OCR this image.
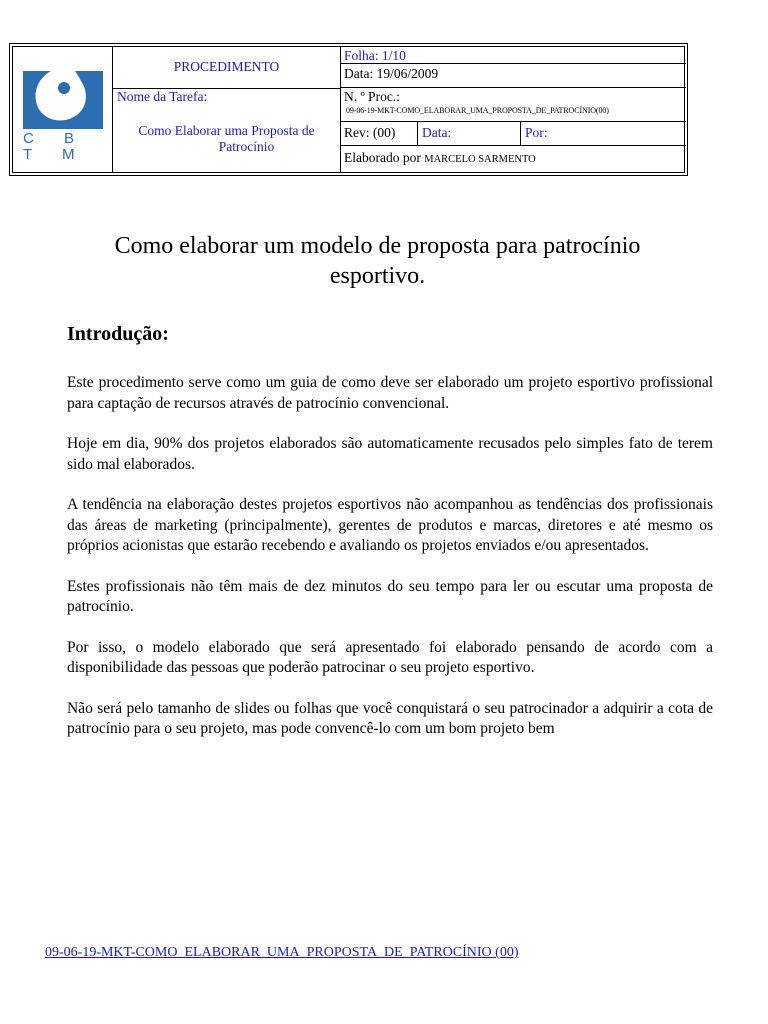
C B T M
PROCEDIMENTO
Nome da Tarefa:
Como Elaborar uma Proposta de
Patrocínio
Folha: 1/10
Data: 19/06/2009
N. º Proc.:
09-06-19-MKT-COMO_ELABORAR_UMA_PROPOSTA_DE_PATROCÍNIO(00)
Rev: (00) Data:	Por:
Elaborado por MARCELO SARMENTO
Como elaborar um modelo de proposta para patrocínio
esportivo.
Introdução:

Este procedimento serve como um guia de como deve ser elaborado um projeto esportivo profissional para captação de recursos através de patrocínio convencional.

Hoje em dia, 90% dos projetos elaborados são automaticamente recusados pelo simples fato de terem sido mal elaborados.

A tendência na elaboração destes projetos esportivos não acompanhou as tendências dos profissionais das áreas de marketing (principalmente), gerentes de produtos e marcas, diretores e até mesmo os próprios acionistas que estarão recebendo e avaliando os projetos enviados e/ou apresentados.

Estes profissionais não têm mais de dez minutos do seu tempo para ler ou escutar uma proposta de patrocínio.

Por isso, o modelo elaborado que será apresentado foi elaborado pensando de acordo com a disponibilidade das pessoas que poderão patrocinar o seu projeto esportivo.

Não será pelo tamanho de slides ou folhas que você conquistará o seu patrocinador a adquirir a cota de patrocínio para o seu projeto, mas pode convencê-lo com um bom projeto bem

09-06-19-MKT-COMO_ELABORAR_UMA_PROPOSTA_DE_PATROCÍNIO (00)
